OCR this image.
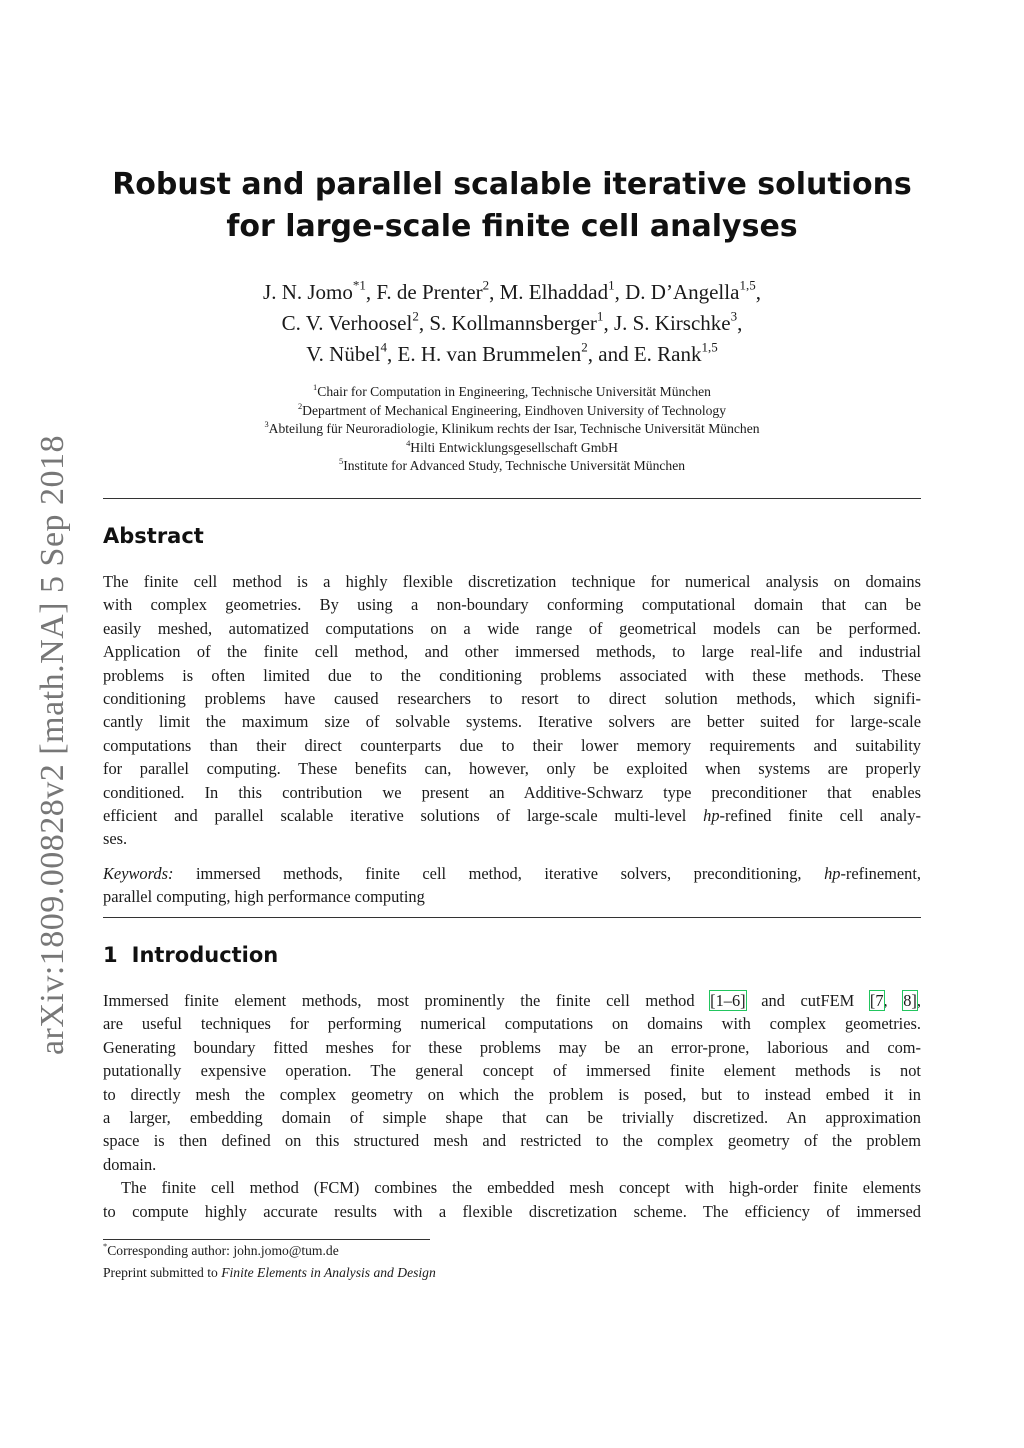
arXiv:1809.00828v2 [math.NA] 5 Sep 2018
Robust and parallel scalable iterative solutions
for large-scale finite cell analyses
J. N. Jomo$^{*1}$, F. de Prenter$^2$, M. Elhaddad$^1$, D. D’Angella$^{1,5}$,
C. V. Verhoosel$^2$, S. Kollmannsberger$^1$, J. S. Kirschke$^3$,
V. Nübel$^4$, E. H. van Brummelen$^2$, and E. Rank$^{1,5}$
$^1$Chair for Computation in Engineering, Technische Universität München
$^2$Department of Mechanical Engineering, Eindhoven University of Technology
$^3$Abteilung für Neuroradiologie, Klinikum rechts der Isar, Technische Universität München
$^4$Hilti Entwicklungsgesellschaft GmbH
$^5$Institute for Advanced Study, Technische Universität München
Abstract
The finite cell method is a highly flexible discretization technique for numerical analysis on domains
with complex geometries. By using a non-boundary conforming computational domain that can be
easily meshed, automatized computations on a wide range of geometrical models can be performed.
Application of the finite cell method, and other immersed methods, to large real-life and industrial
problems is often limited due to the conditioning problems associated with these methods. These
conditioning problems have caused researchers to resort to direct solution methods, which signifi-
cantly limit the maximum size of solvable systems. Iterative solvers are better suited for large-scale
computations than their direct counterparts due to their lower memory requirements and suitability
for parallel computing. These benefits can, however, only be exploited when systems are properly
conditioned. In this contribution we present an Additive-Schwarz type preconditioner that enables
efficient and parallel scalable iterative solutions of large-scale multi-level hp-refined finite cell analy-
ses.
Keywords: immersed methods, finite cell method, iterative solvers, preconditioning, hp-refinement,
parallel computing, high performance computing
1 Introduction
Immersed finite element methods, most prominently the finite cell method [1–6] and cutFEM [7, 8],
are useful techniques for performing numerical computations on domains with complex geometries.
Generating boundary fitted meshes for these problems may be an error-prone, laborious and com-
putationally expensive operation. The general concept of immersed finite element methods is not
to directly mesh the complex geometry on which the problem is posed, but to instead embed it in
a larger, embedding domain of simple shape that can be trivially discretized. An approximation
space is then defined on this structured mesh and restricted to the complex geometry of the problem
domain.
The finite cell method (FCM) combines the embedded mesh concept with high-order finite elements
to compute highly accurate results with a flexible discretization scheme. The efficiency of immersed
*Corresponding author: john.jomo@tum.de
Preprint submitted to Finite Elements in Analysis and Design
